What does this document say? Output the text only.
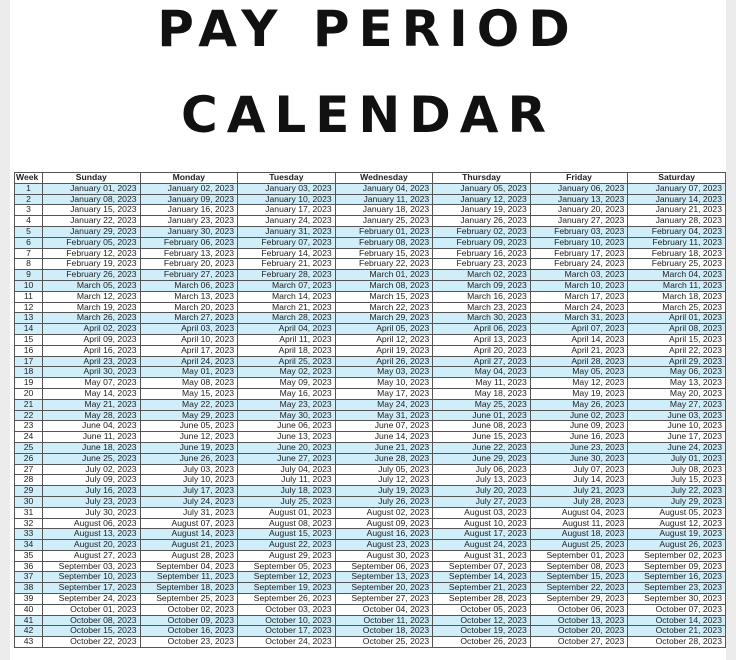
PAY PERIOD
CALENDAR
Week	Sunday	Monday	Tuesday	Wednesday	Thursday	Friday	Saturday
1	January 01, 2023	January 02, 2023	January 03, 2023	January 04, 2023	January 05, 2023	January 06, 2023	January 07, 2023
2	January 08, 2023	January 09, 2023	January 10, 2023	January 11, 2023	January 12, 2023	January 13, 2023	January 14, 2023
3	January 15, 2023	January 16, 2023	January 17, 2023	January 18, 2023	January 19, 2023	January 20, 2023	January 21, 2023
4	January 22, 2023	January 23, 2023	January 24, 2023	January 25, 2023	January 26, 2023	January 27, 2023	January 28, 2023
5	January 29, 2023	January 30, 2023	January 31, 2023	February 01, 2023	February 02, 2023	February 03, 2023	February 04, 2023
6	February 05, 2023	February 06, 2023	February 07, 2023	February 08, 2023	February 09, 2023	February 10, 2023	February 11, 2023
7	February 12, 2023	February 13, 2023	February 14, 2023	February 15, 2023	February 16, 2023	February 17, 2023	February 18, 2023
8	February 19, 2023	February 20, 2023	February 21, 2023	February 22, 2023	February 23, 2023	February 24, 2023	February 25, 2023
9	February 26, 2023	February 27, 2023	February 28, 2023	March 01, 2023	March 02, 2023	March 03, 2023	March 04, 2023
10	March 05, 2023	March 06, 2023	March 07, 2023	March 08, 2023	March 09, 2023	March 10, 2023	March 11, 2023
11	March 12, 2023	March 13, 2023	March 14, 2023	March 15, 2023	March 16, 2023	March 17, 2023	March 18, 2023
12	March 19, 2023	March 20, 2023	March 21, 2023	March 22, 2023	March 23, 2023	March 24, 2023	March 25, 2023
13	March 26, 2023	March 27, 2023	March 28, 2023	March 29, 2023	March 30, 2023	March 31, 2023	April 01, 2023
14	April 02, 2023	April 03, 2023	April 04, 2023	April 05, 2023	April 06, 2023	April 07, 2023	April 08, 2023
15	April 09, 2023	April 10, 2023	April 11, 2023	April 12, 2023	April 13, 2023	April 14, 2023	April 15, 2023
16	April 16, 2023	April 17, 2023	April 18, 2023	April 19, 2023	April 20, 2023	April 21, 2023	April 22, 2023
17	April 23, 2023	April 24, 2023	April 25, 2023	April 26, 2023	April 27, 2023	April 28, 2023	April 29, 2023
18	April 30, 2023	May 01, 2023	May 02, 2023	May 03, 2023	May 04, 2023	May 05, 2023	May 06, 2023
19	May 07, 2023	May 08, 2023	May 09, 2023	May 10, 2023	May 11, 2023	May 12, 2023	May 13, 2023
20	May 14, 2023	May 15, 2023	May 16, 2023	May 17, 2023	May 18, 2023	May 19, 2023	May 20, 2023
21	May 21, 2023	May 22, 2023	May 23, 2023	May 24, 2023	May 25, 2023	May 26, 2023	May 27, 2023
22	May 28, 2023	May 29, 2023	May 30, 2023	May 31, 2023	June 01, 2023	June 02, 2023	June 03, 2023
23	June 04, 2023	June 05, 2023	June 06, 2023	June 07, 2023	June 08, 2023	June 09, 2023	June 10, 2023
24	June 11, 2023	June 12, 2023	June 13, 2023	June 14, 2023	June 15, 2023	June 16, 2023	June 17, 2023
25	June 18, 2023	June 19, 2023	June 20, 2023	June 21, 2023	June 22, 2023	June 23, 2023	June 24, 2023
26	June 25, 2023	June 26, 2023	June 27, 2023	June 28, 2023	June 29, 2023	June 30, 2023	July 01, 2023
27	July 02, 2023	July 03, 2023	July 04, 2023	July 05, 2023	July 06, 2023	July 07, 2023	July 08, 2023
28	July 09, 2023	July 10, 2023	July 11, 2023	July 12, 2023	July 13, 2023	July 14, 2023	July 15, 2023
29	July 16, 2023	July 17, 2023	July 18, 2023	July 19, 2023	July 20, 2023	July 21, 2023	July 22, 2023
30	July 23, 2023	July 24, 2023	July 25, 2023	July 26, 2023	July 27, 2023	July 28, 2023	July 29, 2023
31	July 30, 2023	July 31, 2023	August 01, 2023	August 02, 2023	August 03, 2023	August 04, 2023	August 05, 2023
32	August 06, 2023	August 07, 2023	August 08, 2023	August 09, 2023	August 10, 2023	August 11, 2023	August 12, 2023
33	August 13, 2023	August 14, 2023	August 15, 2023	August 16, 2023	August 17, 2023	August 18, 2023	August 19, 2023
34	August 20, 2023	August 21, 2023	August 22, 2023	August 23, 2023	August 24, 2023	August 25, 2023	August 26, 2023
35	August 27, 2023	August 28, 2023	August 29, 2023	August 30, 2023	August 31, 2023	September 01, 2023	September 02, 2023
36	September 03, 2023	September 04, 2023	September 05, 2023	September 06, 2023	September 07, 2023	September 08, 2023	September 09, 2023
37	September 10, 2023	September 11, 2023	September 12, 2023	September 13, 2023	September 14, 2023	September 15, 2023	September 16, 2023
38	September 17, 2023	September 18, 2023	September 19, 2023	September 20, 2023	September 21, 2023	September 22, 2023	September 23, 2023
39	September 24, 2023	September 25, 2023	September 26, 2023	September 27, 2023	September 28, 2023	September 29, 2023	September 30, 2023
40	October 01, 2023	October 02, 2023	October 03, 2023	October 04, 2023	October 05, 2023	October 06, 2023	October 07, 2023
41	October 08, 2023	October 09, 2023	October 10, 2023	October 11, 2023	October 12, 2023	October 13, 2023	October 14, 2023
42	October 15, 2023	October 16, 2023	October 17, 2023	October 18, 2023	October 19, 2023	October 20, 2023	October 21, 2023
43	October 22, 2023	October 23, 2023	October 24, 2023	October 25, 2023	October 26, 2023	October 27, 2023	October 28, 2023
